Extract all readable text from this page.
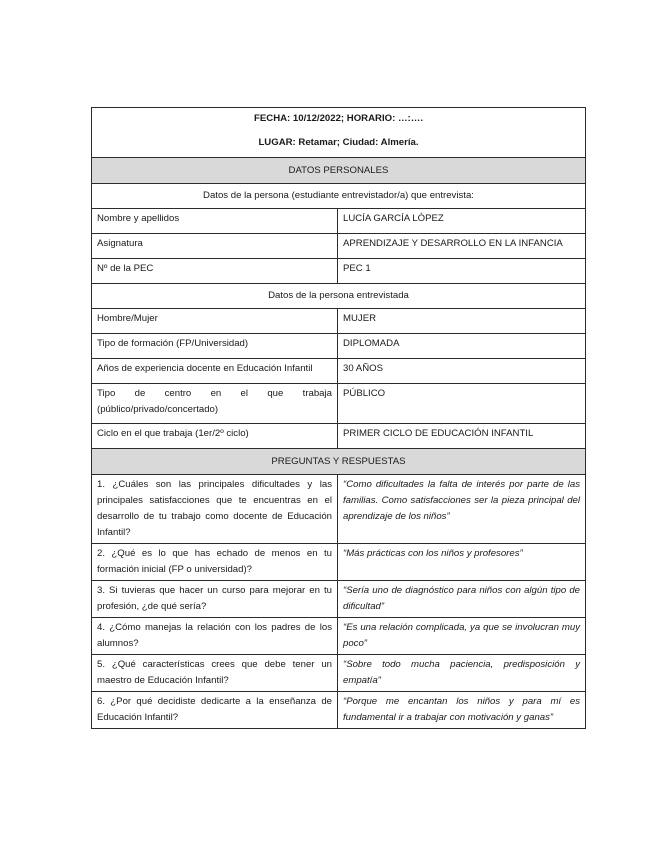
FECHA: 10/12/2022; HORARIO: …:….
LUGAR: Retamar; Ciudad: Almería.	

DATOS PERSONALES	
Datos de la persona (estudiante entrevistador/a) que entrevista:	
Nombre y apellidos	LUCÍA GARCÍA LÓPEZ
Asignatura	APRENDIZAJE Y DESARROLLO EN LA INFANCIA
Nº de la PEC	PEC 1
Datos de la persona entrevistada	
Hombre/Mujer	MUJER
Tipo de formación (FP/Universidad)	DIPLOMADA
Años de experiencia docente en Educación Infantil	30 AÑOS
Tipo de centro en el que trabaja (público/privado/concertado)	PÚBLICO
Ciclo en el que trabaja (1er/2º ciclo)	PRIMER CICLO DE EDUCACIÓN INFANTIL
PREGUNTAS Y RESPUESTAS	
1. ¿Cuáles son las principales dificultades y las principales satisfacciones que te encuentras en el desarrollo de tu trabajo como docente de Educación Infantil?	“Como dificultades la falta de interés por parte de las familias. Como satisfacciones ser la pieza principal del aprendizaje de los niños”
2. ¿Qué es lo que has echado de menos en tu formación inicial (FP o universidad)?	“Más prácticas con los niños y profesores”
3. Si tuvieras que hacer un curso para mejorar en tu profesión, ¿de qué sería?	“Sería uno de diagnóstico para niños con algún tipo de dificultad”
4. ¿Cómo manejas la relación con los padres de los alumnos?	“Es una relación complicada, ya que se involucran muy poco”
5. ¿Qué características crees que debe tener un maestro de Educación Infantil?	“Sobre todo mucha paciencia, predisposición y empatía”
6. ¿Por qué decidiste dedicarte a la enseñanza de Educación Infantil?	“Porque me encantan los niños y para mí es fundamental ir a trabajar con motivación y ganas”
